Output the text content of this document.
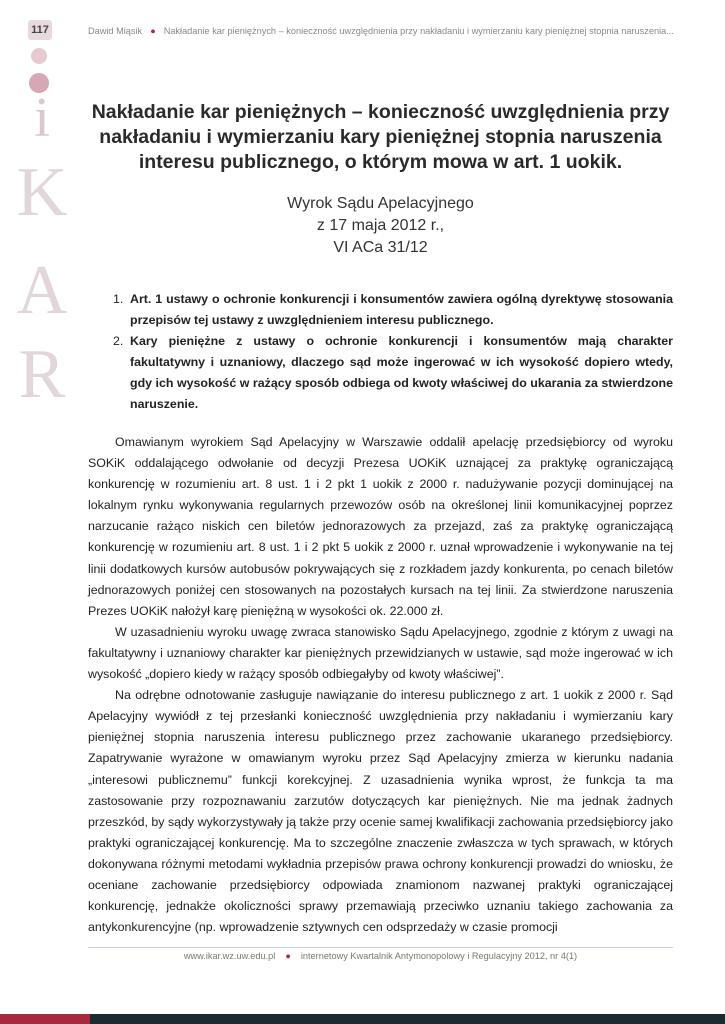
117
i
K
A
R
Dawid Miąsik ● Nakładanie kar pieniężnych – konieczność uwzględnienia przy nakładaniu i wymierzaniu kary pieniężnej stopnia naruszenia...
Nakładanie kar pieniężnych – konieczność uwzględnienia przy nakładaniu i wymierzaniu kary pieniężnej stopnia naruszenia interesu publicznego, o którym mowa w art. 1 uokik.
Wyrok Sądu Apelacyjnego
z 17 maja 2012 r.,
VI ACa 31/12
1. Art. 1 ustawy o ochronie konkurencji i konsumentów zawiera ogólną dyrektywę stosowania przepisów tej ustawy z uwzględnieniem interesu publicznego.
2. Kary pieniężne z ustawy o ochronie konkurencji i konsumentów mają charakter fakultatywny i uznaniowy, dlaczego sąd może ingerować w ich wysokość dopiero wtedy, gdy ich wysokość w rażący sposób odbiega od kwoty właściwej do ukarania za stwierdzone naruszenie.

Omawianym wyrokiem Sąd Apelacyjny w Warszawie oddalił apelację przedsiębiorcy od wyroku SOKiK oddalającego odwołanie od decyzji Prezesa UOKiK uznającej za praktykę ograniczającą konkurencję w rozumieniu art. 8 ust. 1 i 2 pkt 1 uokik z 2000 r. nadużywanie pozycji dominującej na lokalnym rynku wykonywania regularnych przewozów osób na określonej linii komunikacyjnej poprzez narzucanie rażąco niskich cen biletów jednorazowych za przejazd, zaś za praktykę ograniczającą konkurencję w rozumieniu art. 8 ust. 1 i 2 pkt 5 uokik z 2000 r. uznał wprowadzenie i wykonywanie na tej linii dodatkowych kursów autobusów pokrywających się z rozkładem jazdy konkurenta, po cenach biletów jednorazowych poniżej cen stosowanych na pozostałych kursach na tej linii. Za stwierdzone naruszenia Prezes UOKiK nałożył karę pieniężną w wysokości ok. 22.000 zł.

W uzasadnieniu wyroku uwagę zwraca stanowisko Sądu Apelacyjnego, zgodnie z którym z uwagi na fakultatywny i uznaniowy charakter kar pieniężnych przewidzianych w ustawie, sąd może ingerować w ich wysokość „dopiero kiedy w rażący sposób odbiegałyby od kwoty właściwej”.

Na odrębne odnotowanie zasługuje nawiązanie do interesu publicznego z art. 1 uokik z 2000 r. Sąd Apelacyjny wywiódł z tej przesłanki konieczność uwzględnienia przy nakładaniu i wymierzaniu kary pieniężnej stopnia naruszenia interesu publicznego przez zachowanie ukaranego przedsiębiorcy. Zapatrywanie wyrażone w omawianym wyroku przez Sąd Apelacyjny zmierza w kierunku nadania „interesowi publicznemu” funkcji korekcyjnej. Z uzasadnienia wynika wprost, że funkcja ta ma zastosowanie przy rozpoznawaniu zarzutów dotyczących kar pieniężnych. Nie ma jednak żadnych przeszkód, by sądy wykorzystywały ją także przy ocenie samej kwalifikacji zachowania przedsiębiorcy jako praktyki ograniczającej konkurencję. Ma to szczególne znaczenie zwłaszcza w tych sprawach, w których dokonywana różnymi metodami wykładnia przepisów prawa ochrony konkurencji prowadzi do wniosku, że oceniane zachowanie przedsiębiorcy odpowiada znamionom nazwanej praktyki ograniczającej konkurencję, jednakże okoliczności sprawy przemawiają przeciwko uznaniu takiego zachowania za antykonkurencyjne (np. wprowadzenie sztywnych cen odsprzedaży w czasie promocji

www.ikar.wz.uw.edu.pl ● internetowy Kwartalnik Antymonopolowy i Regulacyjny 2012, nr 4(1)
